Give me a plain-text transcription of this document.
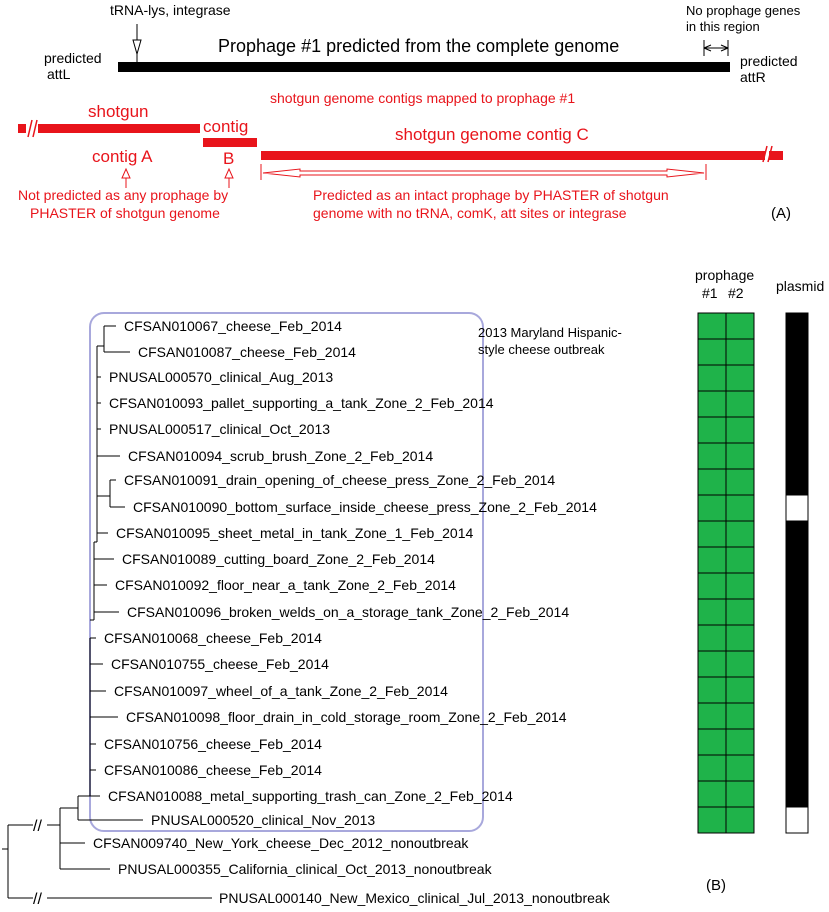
tRNA-lys, integrase	No prophage genes
in this region
predicted
attL
predicted
attR
Prophage #1 predicted from the complete genome
shotgun genome contigs mapped to prophage #1
shotgun
contig A
contig
B
shotgun genome contig C
Not predicted as any prophage by
PHASTER of shotgun genome
Predicted as an intact prophage by PHASTER of shotgun
genome with no tRNA, comK, att sites or integrase	(A)
2013 Maryland Hispanic-
style cheese outbreak
prophage
#1 #2 plasmid
//
//
CFSAN010067_cheese_Feb_2014
CFSAN010087_cheese_Feb_2014
PNUSAL000570_clinical_Aug_2013
CFSAN010093_pallet_supporting_a_tank_Zone_2_Feb_2014
PNUSAL000517_clinical_Oct_2013
CFSAN010094_scrub_brush_Zone_2_Feb_2014
CFSAN010091_drain_opening_of_cheese_press_Zone_2_Feb_2014
CFSAN010090_bottom_surface_inside_cheese_press_Zone_2_Feb_2014
CFSAN010095_sheet_metal_in_tank_Zone_1_Feb_2014
CFSAN010089_cutting_board_Zone_2_Feb_2014
CFSAN010092_floor_near_a_tank_Zone_2_Feb_2014
CFSAN010096_broken_welds_on_a_storage_tank_Zone_2_Feb_2014
CFSAN010068_cheese_Feb_2014
CFSAN010755_cheese_Feb_2014
CFSAN010097_wheel_of_a_tank_Zone_2_Feb_2014
CFSAN010098_floor_drain_in_cold_storage_room_Zone_2_Feb_2014
CFSAN010756_cheese_Feb_2014
CFSAN010086_cheese_Feb_2014
CFSAN010088_metal_supporting_trash_can_Zone_2_Feb_2014
PNUSAL000520_clinical_Nov_2013
CFSAN009740_New_York_cheese_Dec_2012_nonoutbreak
PNUSAL000355_California_clinical_Oct_2013_nonoutbreak
PNUSAL000140_New_Mexico_clinical_Jul_2013_nonoutbreak
(B)
